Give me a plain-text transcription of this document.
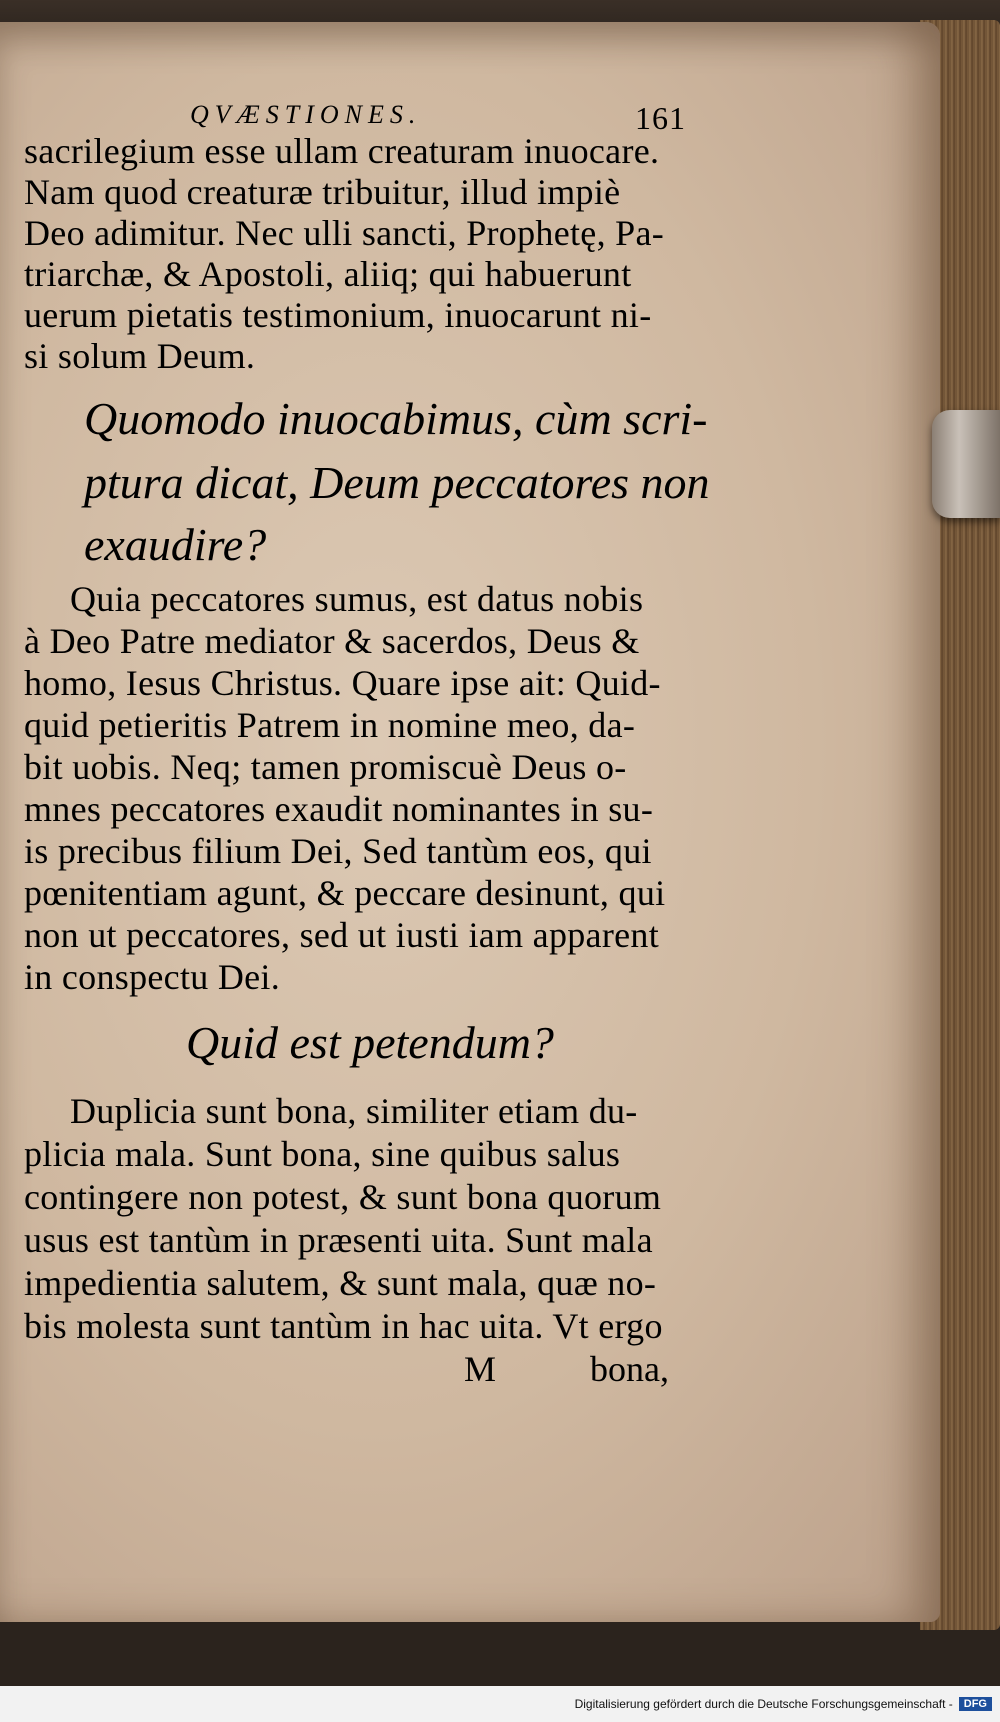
QVÆSTIONES.	161
sacrilegium esse ullam creaturam inuocare.
Nam quod creaturæ tribuitur, illud impiè
Deo adimitur. Nec ulli sancti, Prophetę, Pa-
triarchæ, & Apostoli, aliiq; qui habuerunt
uerum pietatis testimonium, inuocarunt ni-
si solum Deum.
Quomodo inuocabimus, cùm scri-
ptura dicat, Deum peccatores non
exaudire?
Quia peccatores sumus, est datus nobis
à Deo Patre mediator & sacerdos, Deus &
homo, Iesus Christus. Quare ipse ait: Quid-
quid petieritis Patrem in nomine meo, da-
bit uobis. Neq; tamen promiscuè Deus o-
mnes peccatores exaudit nominantes in su-
is precibus filium Dei, Sed tantùm eos, qui
pœnitentiam agunt, & peccare desinunt, qui
non ut peccatores, sed ut iusti iam apparent
in conspectu Dei.
Quid est petendum?
Duplicia sunt bona, similiter etiam du-
plicia mala. Sunt bona, sine quibus salus
contingere non potest, & sunt bona quorum
usus est tantùm in præsenti uita. Sunt mala
impedientia salutem, & sunt mala, quæ no-
bis molesta sunt tantùm in hac uita. Vt ergo
M	bona,
Digitalisierung gefördert durch die Deutsche Forschungsgemeinschaft -	DFG
